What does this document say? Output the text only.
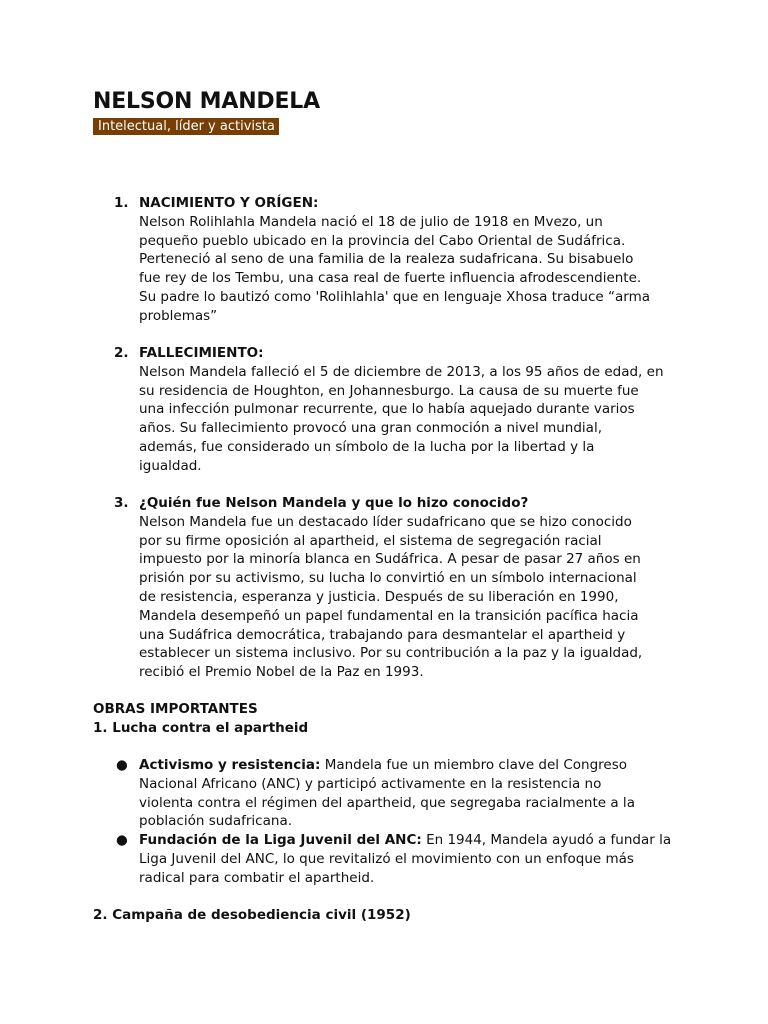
NELSON MANDELA
Intelectual, líder y activista
1. NACIMIENTO Y ORÍGEN:

Nelson Rolihlahla Mandela nació el 18 de julio de 1918 en Mvezo, un
pequeño pueblo ubicado en la provincia del Cabo Oriental de Sudáfrica.
Perteneció al seno de una familia de la realeza sudafricana. Su bisabuelo
fue rey de los Tembu, una casa real de fuerte influencia afrodescendiente.
Su padre lo bautizó como 'Rolihlahla' que en lenguaje Xhosa traduce “arma
problemas”
2. FALLECIMIENTO:

Nelson Mandela falleció el 5 de diciembre de 2013, a los 95 años de edad, en
su residencia de Houghton, en Johannesburgo. La causa de su muerte fue
una infección pulmonar recurrente, que lo había aquejado durante varios
años. Su fallecimiento provocó una gran conmoción a nivel mundial,
además, fue considerado un símbolo de la lucha por la libertad y la
igualdad.
3. ¿Quién fue Nelson Mandela y que lo hizo conocido?

Nelson Mandela fue un destacado líder sudafricano que se hizo conocido
por su firme oposición al apartheid, el sistema de segregación racial
impuesto por la minoría blanca en Sudáfrica. A pesar de pasar 27 años en
prisión por su activismo, su lucha lo convirtió en un símbolo internacional
de resistencia, esperanza y justicia. Después de su liberación en 1990,
Mandela desempeñó un papel fundamental en la transición pacífica hacia
una Sudáfrica democrática, trabajando para desmantelar el apartheid y
establecer un sistema inclusivo. Por su contribución a la paz y la igualdad,
recibió el Premio Nobel de la Paz en 1993.

OBRAS IMPORTANTES

1. Lucha contra el apartheid

● Activismo y resistencia: Mandela fue un miembro clave del Congreso
Nacional Africano (ANC) y participó activamente en la resistencia no
violenta contra el régimen del apartheid, que segregaba racialmente a la
población sudafricana.
● Fundación de la Liga Juvenil del ANC: En 1944, Mandela ayudó a fundar la
Liga Juvenil del ANC, lo que revitalizó el movimiento con un enfoque más
radical para combatir el apartheid.

2. Campaña de desobediencia civil (1952)
